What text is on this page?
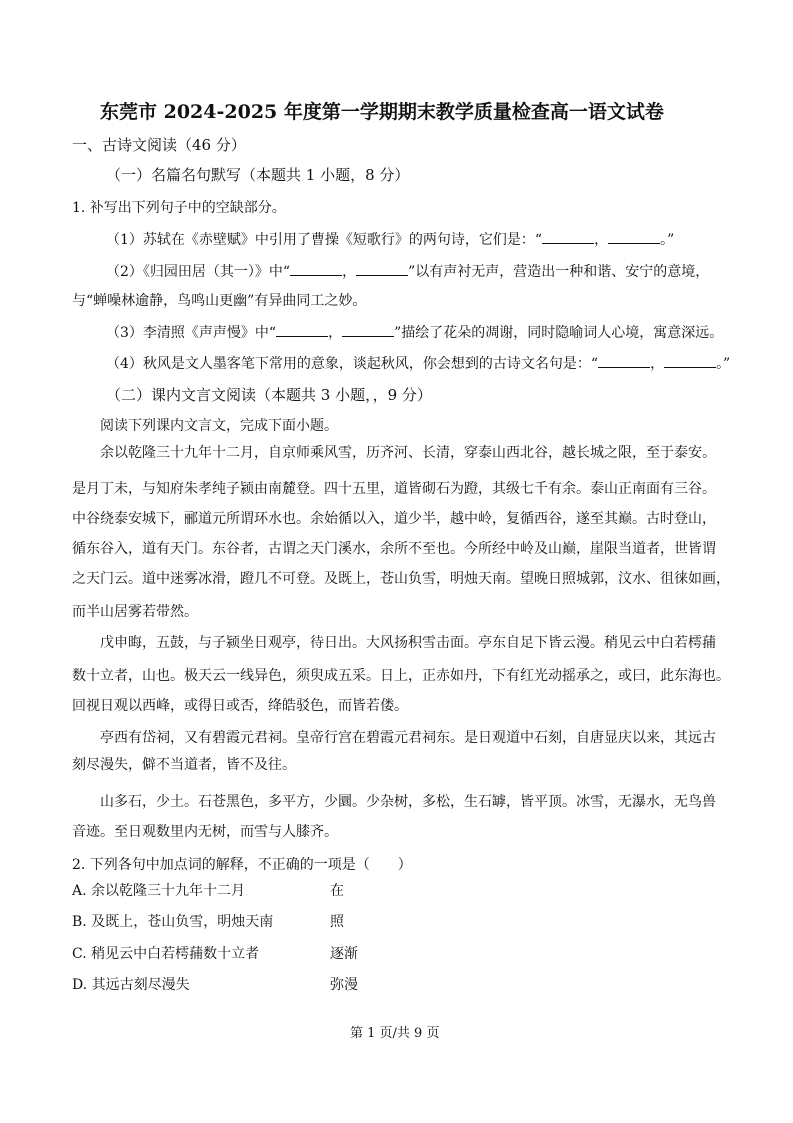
东莞市 2024-2025 年度第一学期期末教学质量检查高一语文试卷
一、古诗文阅读（46 分）
（一）名篇名句默写（本题共 1 小题，8 分）
1. 补写出下列句子中的空缺部分。
（1）苏轼在《赤壁赋》中引用了曹操《短歌行》的两句诗，它们是：“	，	。”
（2）《归园田居（其一）》中“	，	”以有声衬无声，营造出一种和谐、安宁的意境，
与“蝉噪林逾静，鸟鸣山更幽”有异曲同工之妙。
（3）李清照《声声慢》中“	，	”描绘了花朵的凋谢，同时隐喻词人心境，寓意深远。
（4）秋风是文人墨客笔下常用的意象，谈起秋风，你会想到的古诗文名句是：“	，	。”
（二）课内文言文阅读（本题共 3 小题，，9 分）
阅读下列课内文言文，完成下面小题。
余以乾隆三十九年十二月，自京师乘风雪，历齐河、长清，穿泰山西北谷，越长城之限，至于泰安。
是月丁未，与知府朱孝纯子颍由南麓登。四十五里，道皆砌石为蹬，其级七千有余。泰山正南面有三谷。
中谷绕泰安城下，郦道元所谓环水也。余始循以入，道少半，越中岭，复循西谷，遂至其巅。古时登山，
循东谷入，道有天门。东谷者，古谓之天门溪水，余所不至也。今所经中岭及山巅，崖限当道者，世皆谓
之天门云。道中迷雾冰滑，蹬几不可登。及既上，苍山负雪，明烛天南。望晚日照城郭，汶水、徂徕如画，
而半山居雾若带然。
戊申晦，五鼓，与子颍坐日观亭，待日出。大风扬积雪击面。亭东自足下皆云漫。稍见云中白若樗蒱
数十立者，山也。极天云一线异色，须臾成五采。日上，正赤如丹，下有红光动摇承之，或曰，此东海也。
回视日观以西峰，或得日或否，绛皓驳色，而皆若偻。
亭西有岱祠，又有碧霞元君祠。皇帝行宫在碧霞元君祠东。是日观道中石刻，自唐显庆以来，其远古
刻尽漫失，僻不当道者，皆不及往。
山多石，少土。石苍黑色，多平方，少圜。少杂树，多松，生石罅，皆平顶。冰雪，无瀑水，无鸟兽
音迹。至日观数里内无树，而雪与人膝齐。
2. 下列各句中加点词的解释，不正确的一项是（　　）
A. 余以乾隆三十九年十二月	在
B. 及既上，苍山负雪，明烛天南	照
C. 稍见云中白若樗蒱数十立者	逐渐
D. 其远古刻尽漫失	弥漫
第 1 页/共 9 页
